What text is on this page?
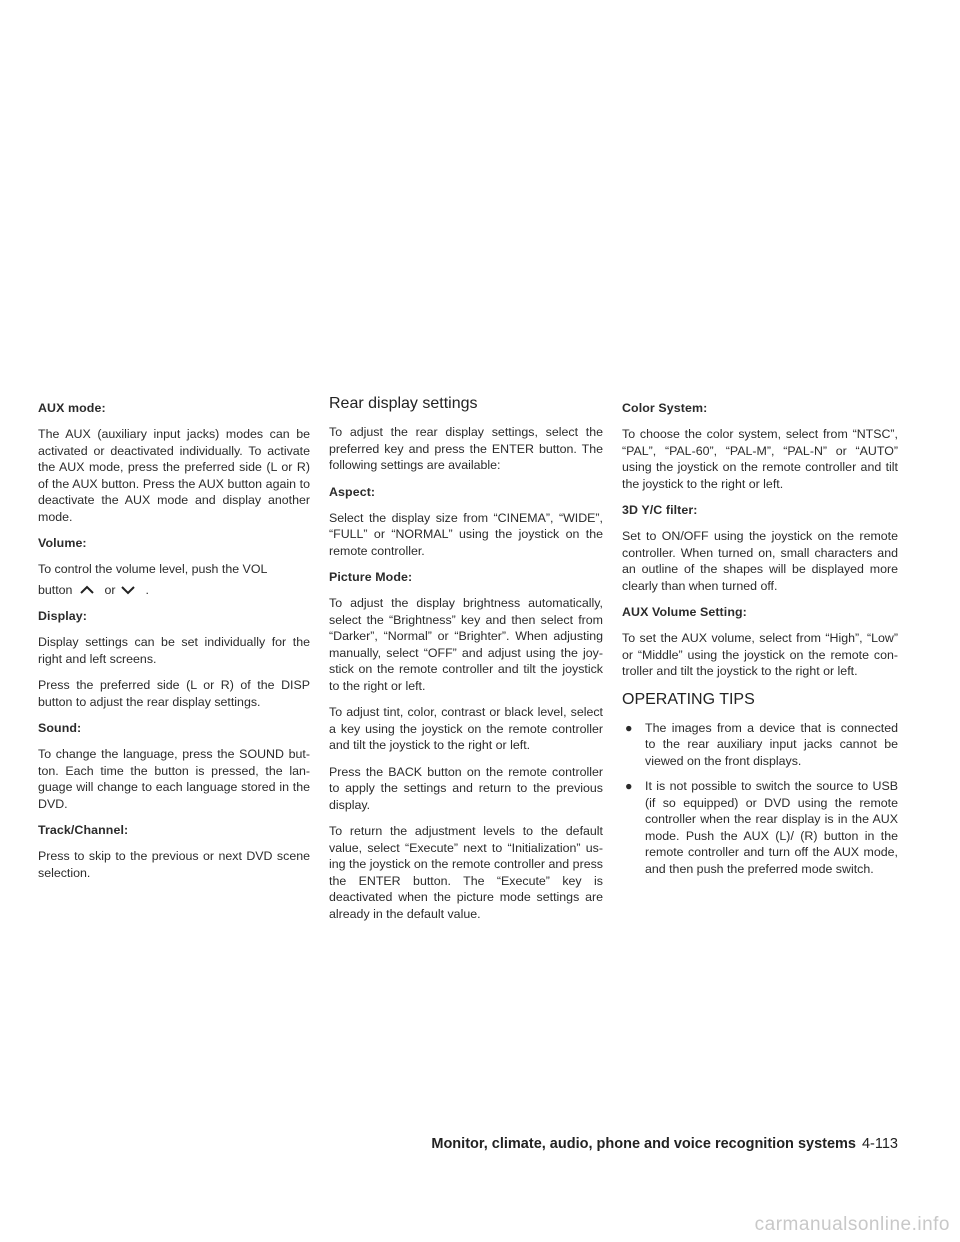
AUX mode:

The AUX (auxiliary input jacks) modes can be activated or deactivated individually. To activate the AUX mode, press the preferred side (L or R) of the AUX button. Press the AUX button again to deactivate the AUX mode and display another mode.

Volume:

To control the volume level, push the VOL

button	or .

Display:

Display settings can be set individually for the right and left screens.

Press the preferred side (L or R) of the DISP button to adjust the rear display settings.

Sound:

To change the language, press the SOUND but-ton. Each time the button is pressed, the lan-guage will change to each language stored in the DVD.

Track/Channel:

Press to skip to the previous or next DVD scene selection.

Rear display settings

To adjust the rear display settings, select the preferred key and press the ENTER button. The following settings are available:

Aspect:

Select the display size from “CINEMA”, “WIDE”, “FULL” or “NORMAL” using the joystick on the remote controller.

Picture Mode:

To adjust the display brightness automatically, select the “Brightness” key and then select from “Darker”, “Normal” or “Brighter”. When adjusting manually, select “OFF” and adjust using the joy-stick on the remote controller and tilt the joystick to the right or left.

To adjust tint, color, contrast or black level, select a key using the joystick on the remote controller and tilt the joystick to the right or left.

Press the BACK button on the remote controller to apply the settings and return to the previous display.

To return the adjustment levels to the default value, select “Execute” next to “Initialization” us-ing the joystick on the remote controller and press the ENTER button. The “Execute” key is deactivated when the picture mode settings are already in the default value.

Color System:

To choose the color system, select from “NTSC”, “PAL”, “PAL-60”, “PAL-M”, “PAL-N” or “AUTO” using the joystick on the remote controller and tilt the joystick to the right or left.

3D Y/C filter:

Set to ON/OFF using the joystick on the remote controller. When turned on, small characters and an outline of the shapes will be displayed more clearly than when turned off.

AUX Volume Setting:

To set the AUX volume, select from “High”, “Low” or “Middle” using the joystick on the remote con-troller and tilt the joystick to the right or left.

OPERATING TIPS
● The images from a device that is connected to the rear auxiliary input jacks cannot be viewed on the front displays.
● It is not possible to switch the source to USB (if so equipped) or DVD using the remote controller when the rear display is in the AUX mode. Push the AUX (L)/ (R) button in the remote controller and turn off the AUX mode, and then push the preferred mode switch.
Monitor, climate, audio, phone and voice recognition systems 4-113
carmanualsonline.info
